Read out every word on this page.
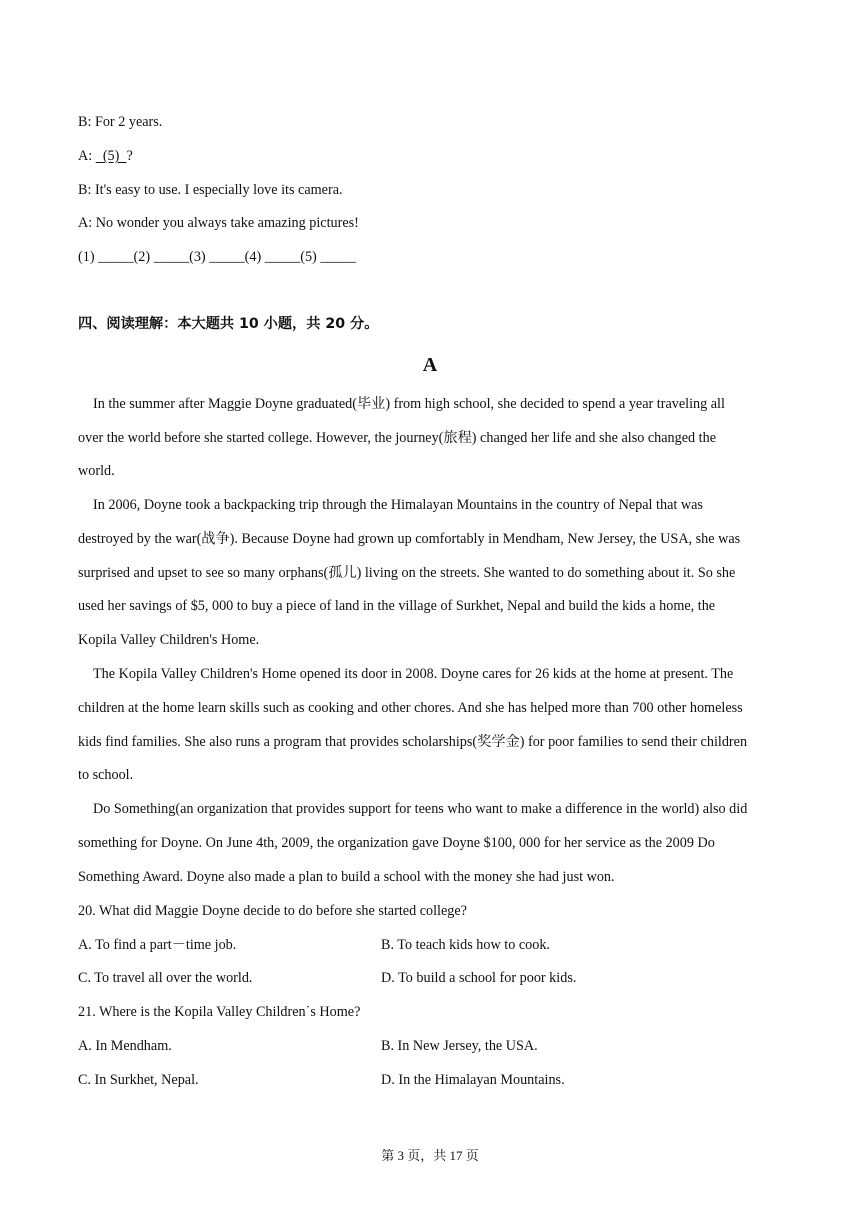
B: For 2 years.
A:   (5)  ?
B: It's easy to use. I especially love its camera.
A: No wonder you always take amazing pictures!
(1) _____(2) _____(3) _____(4) _____(5) _____
四、阅读理解：本大题共 10 小题，共 20 分。
A
In the summer after Maggie Doyne graduated(毕业) from high school, she decided to spend a year traveling all
over the world before she started college. However, the journey(旅程) changed her life and she also changed the
world.
In 2006, Doyne took a backpacking trip through the Himalayan Mountains in the country of Nepal that was
destroyed by the war(战争). Because Doyne had grown up comfortably in Mendham, New Jersey, the USA, she was
surprised and upset to see so many orphans(孤儿) living on the streets. She wanted to do something about it. So she
used her savings of $5, 000 to buy a piece of land in the village of Surkhet, Nepal and build the kids a home, the
Kopila Valley Children's Home.
The Kopila Valley Children's Home opened its door in 2008. Doyne cares for 26 kids at the home at present. The
children at the home learn skills such as cooking and other chores. And she has helped more than 700 other homeless
kids find families. She also runs a program that provides scholarships(奖学金) for poor families to send their children
to school.
Do Something(an organization that provides support for teens who want to make a difference in the world) also did
something for Doyne. On June 4th, 2009, the organization gave Doyne $100, 000 for her service as the 2009 Do
Something Award. Doyne also made a plan to build a school with the money she had just won.
20. What did Maggie Doyne decide to do before she started college?
A. To find a part－time job.	B. To teach kids how to cook.
C. To travel all over the world.	D. To build a school for poor kids.
21. Where is the Kopila Valley Children˙s Home?
A. In Mendham.	B. In New Jersey, the USA.
C. In Surkhet, Nepal.	D. In the Himalayan Mountains.
第 3 页，共 17 页
